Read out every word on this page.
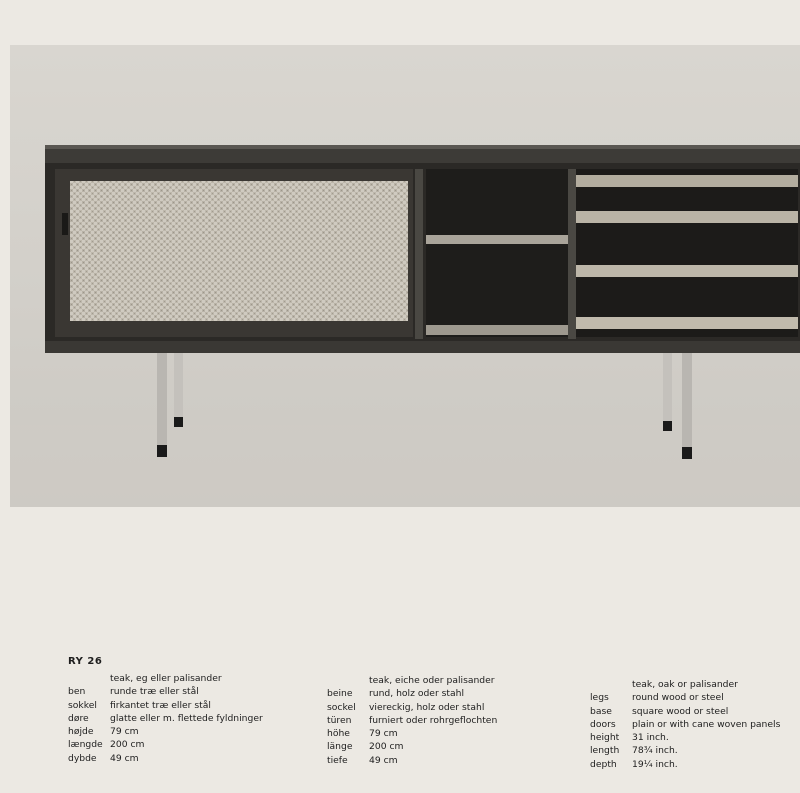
RY 26
teak, eg eller palisander
ben	runde træ eller stål
sokkel	firkantet træ eller stål
døre	glatte eller m. flettede fyldninger
højde	79 cm
længde 200 cm
dybde	49 cm
teak, eiche oder palisander
beine	rund, holz oder stahl
sockel	viereckig, holz oder stahl
türen	furniert oder rohrgeflochten
höhe	79 cm
länge	200 cm
tiefe	49 cm
teak, oak or palisander
legs	round wood or steel
base	square wood or steel
doors	plain or with cane woven panels
height	31 inch.
length	78¾ inch.
depth	19¼ inch.
